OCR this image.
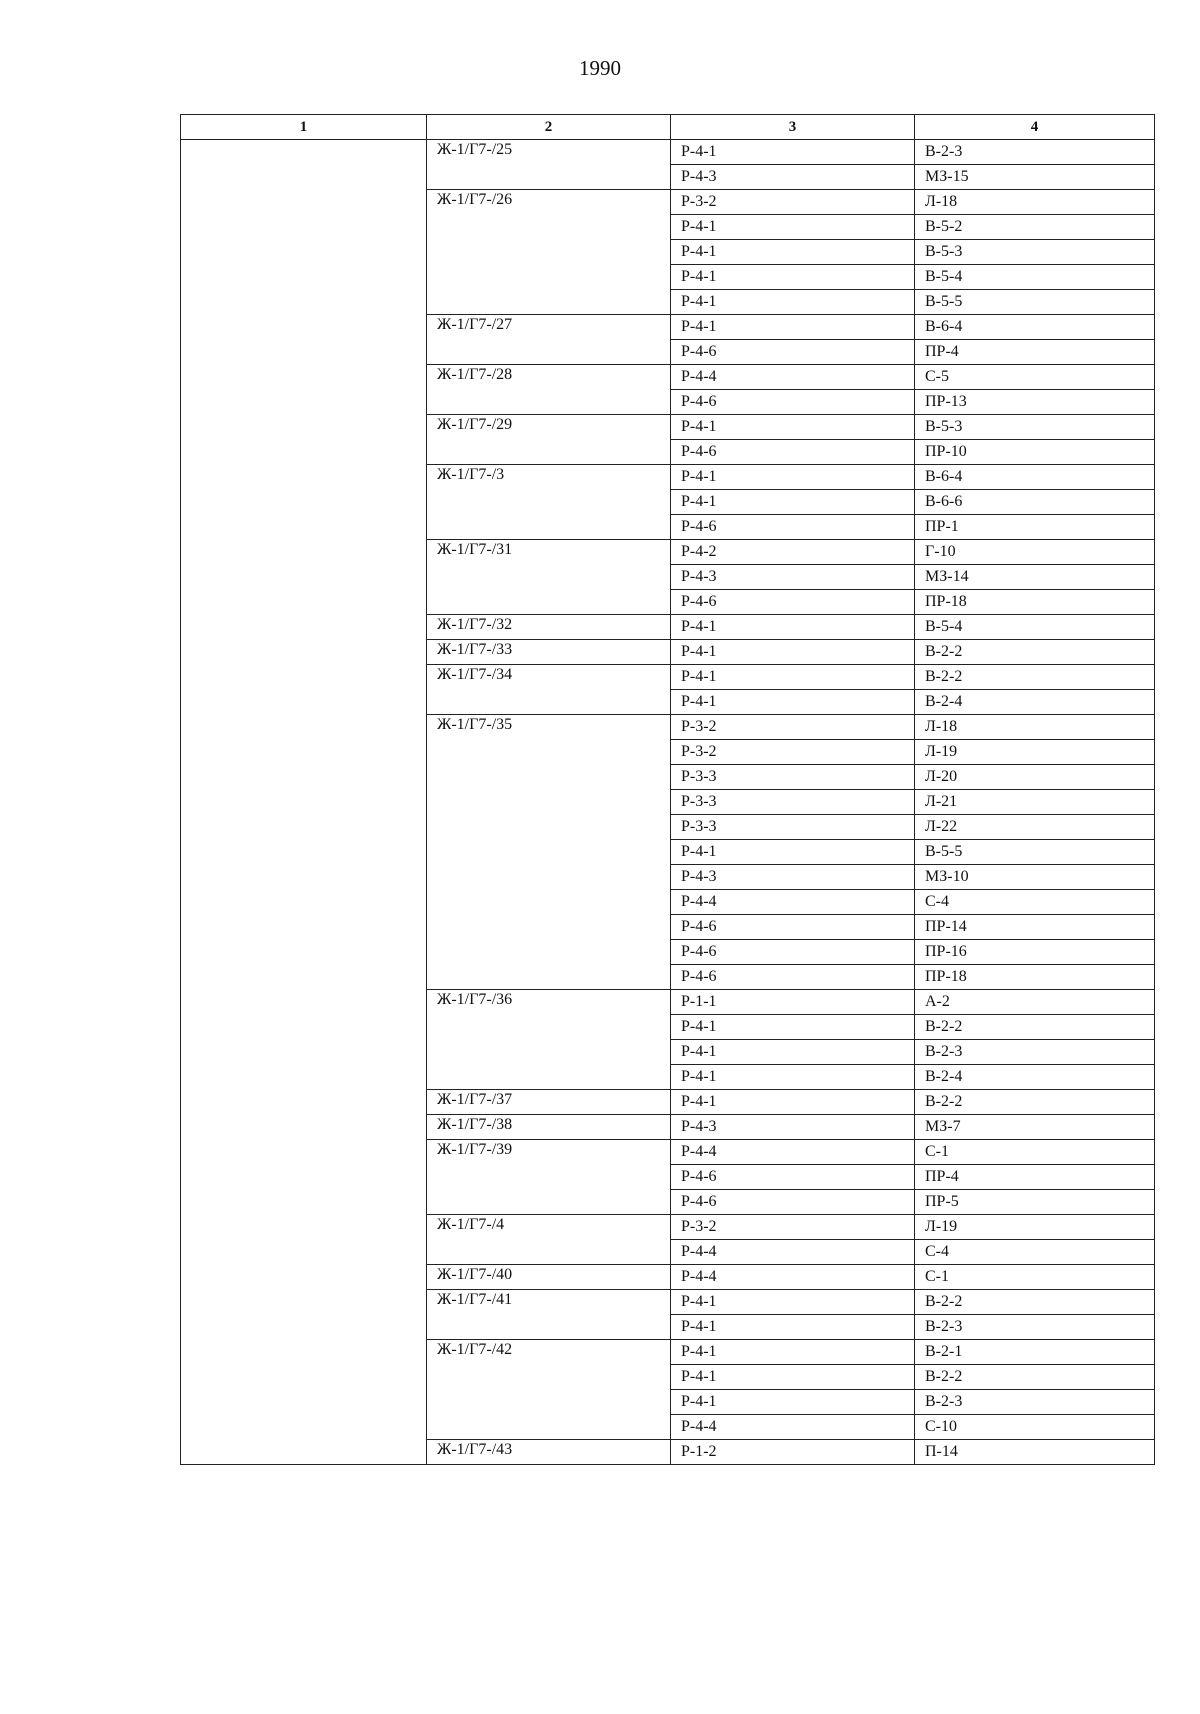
1990
1	2	3	4
	Ж-1/Г7-/25	Р-4-1	В-2-3
		Р-4-3	МЗ-15
	Ж-1/Г7-/26	Р-3-2	Л-18
		Р-4-1	В-5-2
		Р-4-1	В-5-3
		Р-4-1	В-5-4
		Р-4-1	В-5-5
	Ж-1/Г7-/27	Р-4-1	В-6-4
		Р-4-6	ПР-4
	Ж-1/Г7-/28	Р-4-4	С-5
		Р-4-6	ПР-13
	Ж-1/Г7-/29	Р-4-1	В-5-3
		Р-4-6	ПР-10
	Ж-1/Г7-/3	Р-4-1	В-6-4
		Р-4-1	В-6-6
		Р-4-6	ПР-1
	Ж-1/Г7-/31	Р-4-2	Г-10
		Р-4-3	МЗ-14
		Р-4-6	ПР-18
	Ж-1/Г7-/32	Р-4-1	В-5-4
	Ж-1/Г7-/33	Р-4-1	В-2-2
	Ж-1/Г7-/34	Р-4-1	В-2-2
		Р-4-1	В-2-4
	Ж-1/Г7-/35	Р-3-2	Л-18
		Р-3-2	Л-19
		Р-3-3	Л-20
		Р-3-3	Л-21
		Р-3-3	Л-22
		Р-4-1	В-5-5
		Р-4-3	МЗ-10
		Р-4-4	С-4
		Р-4-6	ПР-14
		Р-4-6	ПР-16
		Р-4-6	ПР-18
	Ж-1/Г7-/36	Р-1-1	А-2
		Р-4-1	В-2-2
		Р-4-1	В-2-3
		Р-4-1	В-2-4
	Ж-1/Г7-/37	Р-4-1	В-2-2
	Ж-1/Г7-/38	Р-4-3	МЗ-7
	Ж-1/Г7-/39	Р-4-4	С-1
		Р-4-6	ПР-4
		Р-4-6	ПР-5
	Ж-1/Г7-/4	Р-3-2	Л-19
		Р-4-4	С-4
	Ж-1/Г7-/40	Р-4-4	С-1
	Ж-1/Г7-/41	Р-4-1	В-2-2
		Р-4-1	В-2-3
	Ж-1/Г7-/42	Р-4-1	В-2-1
		Р-4-1	В-2-2
		Р-4-1	В-2-3
		Р-4-4	С-10
	Ж-1/Г7-/43	Р-1-2	П-14
